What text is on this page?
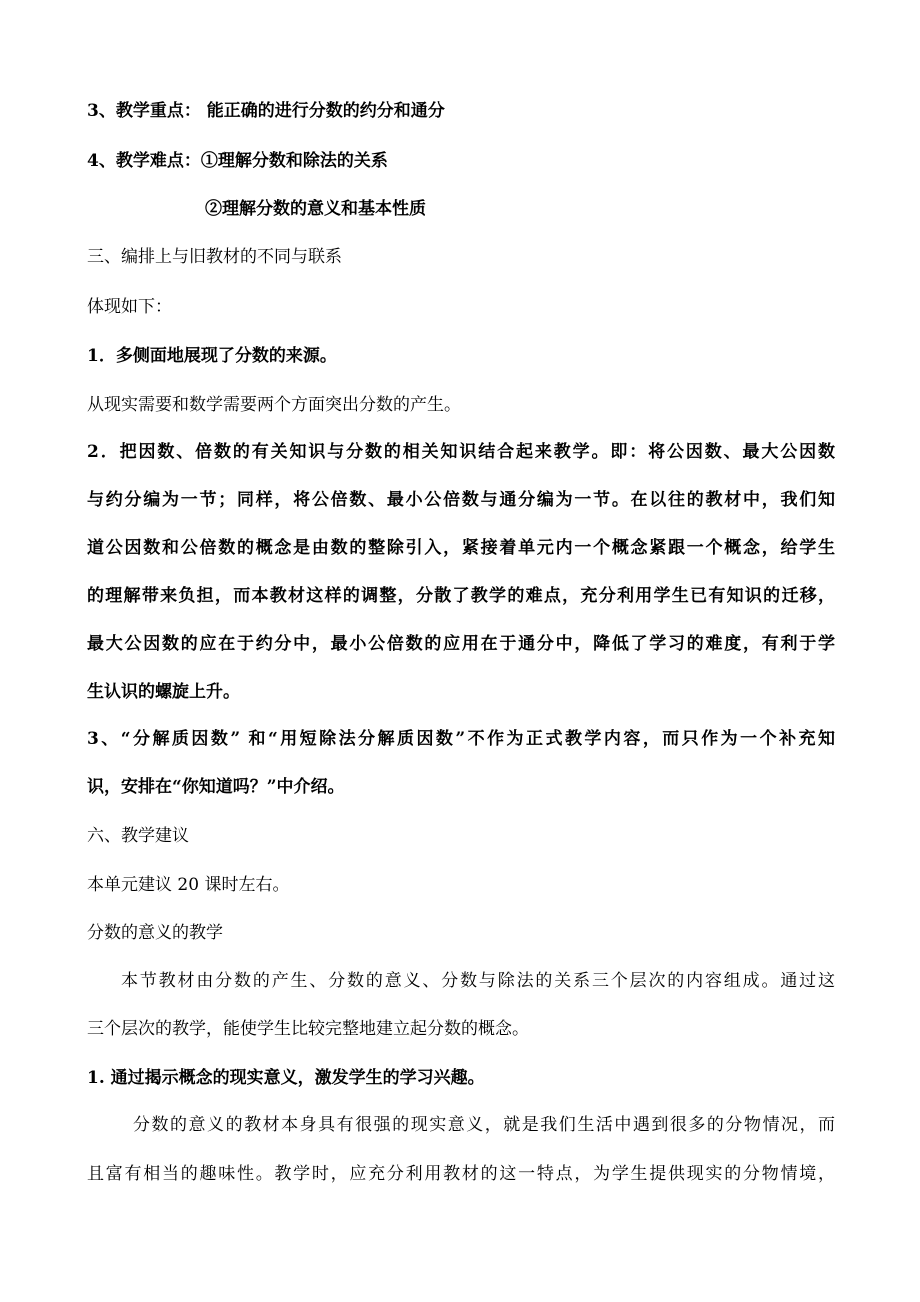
3、教学重点： 能正确的进行分数的约分和通分
4、教学难点：①理解分数和除法的关系
②理解分数的意义和基本性质
三、编排上与旧教材的不同与联系
体现如下：
1．多侧面地展现了分数的来源。
从现实需要和数学需要两个方面突出分数的产生。
2．把因数、倍数的有关知识与分数的相关知识结合起来教学。即：将公因数、最大公因数
与约分编为一节；同样，将公倍数、最小公倍数与通分编为一节。在以往的教材中，我们知
道公因数和公倍数的概念是由数的整除引入，紧接着单元内一个概念紧跟一个概念，给学生
的理解带来负担，而本教材这样的调整，分散了教学的难点，充分利用学生已有知识的迁移，
最大公因数的应在于约分中，最小公倍数的应用在于通分中，降低了学习的难度，有利于学
生认识的螺旋上升。
3、“分解质因数” 和“用短除法分解质因数”不作为正式教学内容，而只作为一个补充知
识，安排在“你知道吗？”中介绍。
六、教学建议
本单元建议 20 课时左右。
分数的意义的教学
本节教材由分数的产生、分数的意义、分数与除法的关系三个层次的内容组成。通过这
三个层次的教学，能使学生比较完整地建立起分数的概念。
1. 通过揭示概念的现实意义，激发学生的学习兴趣。
分数的意义的教材本身具有很强的现实意义，就是我们生活中遇到很多的分物情况，而
且富有相当的趣味性。教学时，应充分利用教材的这一特点，为学生提供现实的分物情境，
